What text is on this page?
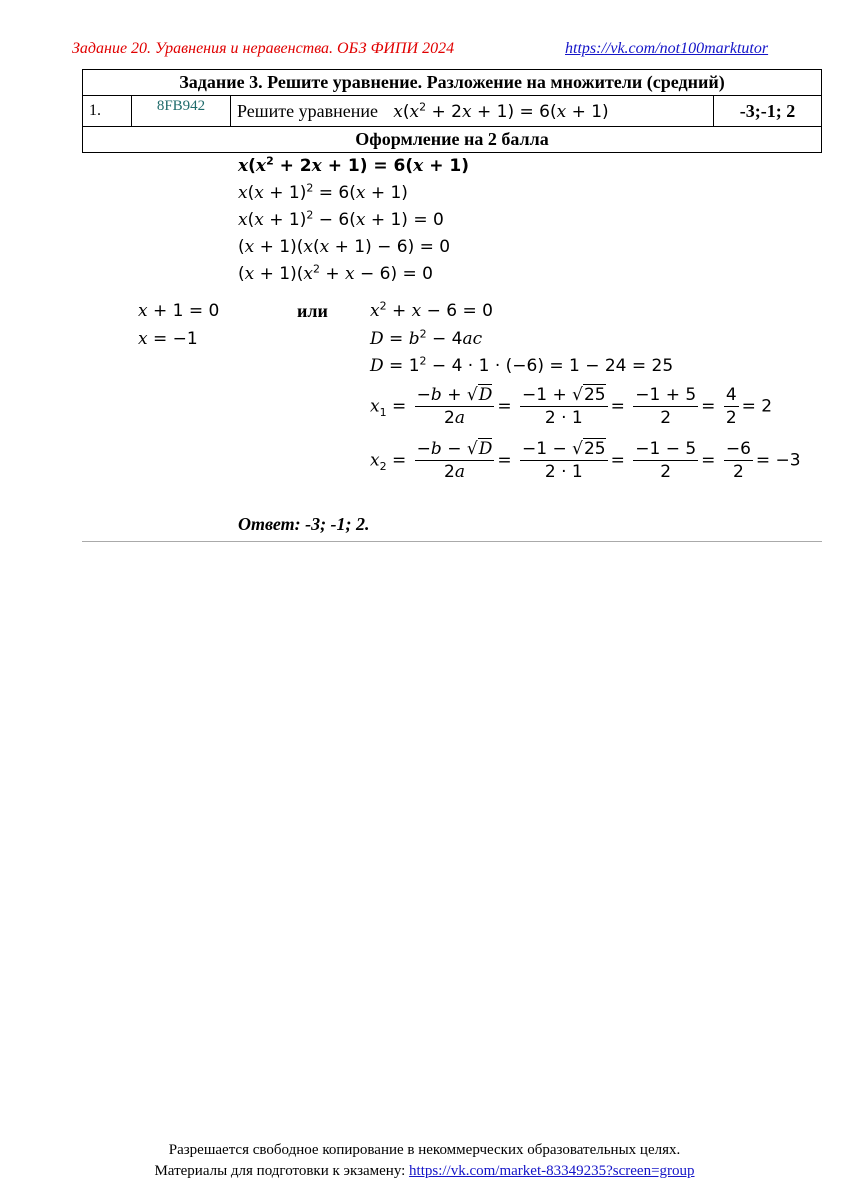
Задание 20. Уравнения и неравенства. ОБЗ ФИПИ 2024	https://vk.com/not100marktutor
Задание 3. Решите уравнение. Разложение на множители (средний)
1.	8FB942	Решите уравнение $x(x^2 + 2x + 1) = 6(x + 1)$	-3;-1; 2
Оформление на 2 балла
$x(x^2 + 2x + 1) = 6(x + 1)$
$x(x + 1)^2 = 6(x + 1)$
$x(x + 1)^2 - 6(x + 1) = 0$
(x + 1)(x(x + 1) − 6) = 0
$(x + 1)(x^2 + x - 6) = 0$
x + 1 = 0
x = −1
или $x^2 + x - 6 = 0$
$D = b^2 - 4ac$
$D = 1^2 - 4 \cdot 1 \cdot (-6) = 1 - 24 = 25$
$x_1 = \frac{-b + √D}{2a} = \frac{-1 + √25}{2 \cdot 1} = \frac{-1 + 5}{2} = \frac{4}{2} = 2$
$x_2 = \frac{-b - √D}{2a} = \frac{-1 - √25}{2 \cdot 1} = \frac{-1 - 5}{2} = \frac{-6}{2} = -3$
Ответ: -3; -1; 2.
Разрешается свободное копирование в некоммерческих образовательных целях.
Материалы для подготовки к экзамену: https://vk.com/market-83349235?screen=group
